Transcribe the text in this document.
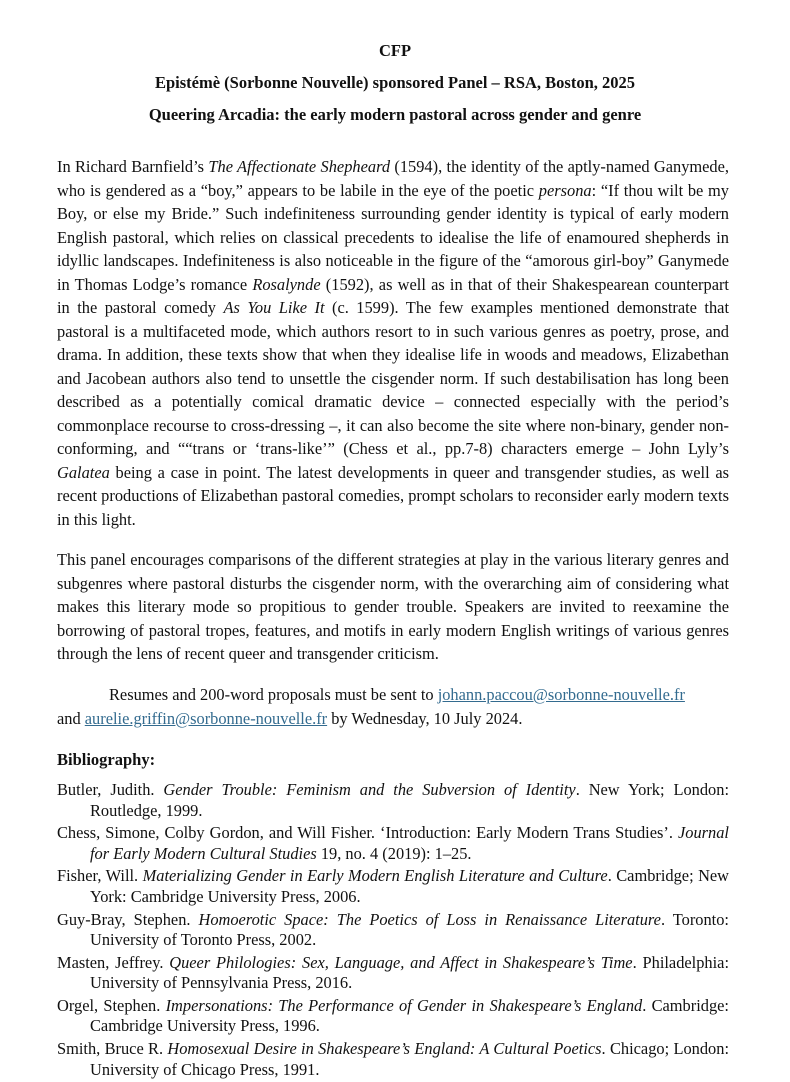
CFP
Epistémè (Sorbonne Nouvelle) sponsored Panel – RSA, Boston, 2025
Queering Arcadia: the early modern pastoral across gender and genre

In Richard Barnfield’s The Affectionate Shepheard (1594), the identity of the aptly-named Ganymede, who is gendered as a “boy,” appears to be labile in the eye of the poetic persona: “If thou wilt be my Boy, or else my Bride.” Such indefiniteness surrounding gender identity is typical of early modern English pastoral, which relies on classical precedents to idealise the life of enamoured shepherds in idyllic landscapes. Indefiniteness is also noticeable in the figure of the “amorous girl-boy” Ganymede in Thomas Lodge’s romance Rosalynde (1592), as well as in that of their Shakespearean counterpart in the pastoral comedy As You Like It (c. 1599). The few examples mentioned demonstrate that pastoral is a multifaceted mode, which authors resort to in such various genres as poetry, prose, and drama. In addition, these texts show that when they idealise life in woods and meadows, Elizabethan and Jacobean authors also tend to unsettle the cisgender norm. If such destabilisation has long been described as a potentially comical dramatic device – connected especially with the period’s commonplace recourse to cross-dressing –, it can also become the site where non-binary, gender non-conforming, and ““trans or ‘trans-like’” (Chess et al., pp.7-8) characters emerge – John Lyly’s Galatea being a case in point. The latest developments in queer and transgender studies, as well as recent productions of Elizabethan pastoral comedies, prompt scholars to reconsider early modern texts in this light.

This panel encourages comparisons of the different strategies at play in the various literary genres and subgenres where pastoral disturbs the cisgender norm, with the overarching aim of considering what makes this literary mode so propitious to gender trouble. Speakers are invited to reexamine the borrowing of pastoral tropes, features, and motifs in early modern English writings of various genres through the lens of recent queer and transgender criticism.

Resumes and 200-word proposals must be sent to johann.paccou@sorbonne-nouvelle.fr
and aurelie.griffin@sorbonne-nouvelle.fr by Wednesday, 10 July 2024.
Bibliography:

Butler, Judith. Gender Trouble: Feminism and the Subversion of Identity. New York; London: Routledge, 1999.

Chess, Simone, Colby Gordon, and Will Fisher. ‘Introduction: Early Modern Trans Studies’. Journal for Early Modern Cultural Studies 19, no. 4 (2019): 1–25.

Fisher, Will. Materializing Gender in Early Modern English Literature and Culture. Cambridge; New York: Cambridge University Press, 2006.

Guy-Bray, Stephen. Homoerotic Space: The Poetics of Loss in Renaissance Literature. Toronto: University of Toronto Press, 2002.

Masten, Jeffrey. Queer Philologies: Sex, Language, and Affect in Shakespeare’s Time. Philadelphia: University of Pennsylvania Press, 2016.

Orgel, Stephen. Impersonations: The Performance of Gender in Shakespeare’s England. Cambridge: Cambridge University Press, 1996.

Smith, Bruce R. Homosexual Desire in Shakespeare’s England: A Cultural Poetics. Chicago; London: University of Chicago Press, 1991.
